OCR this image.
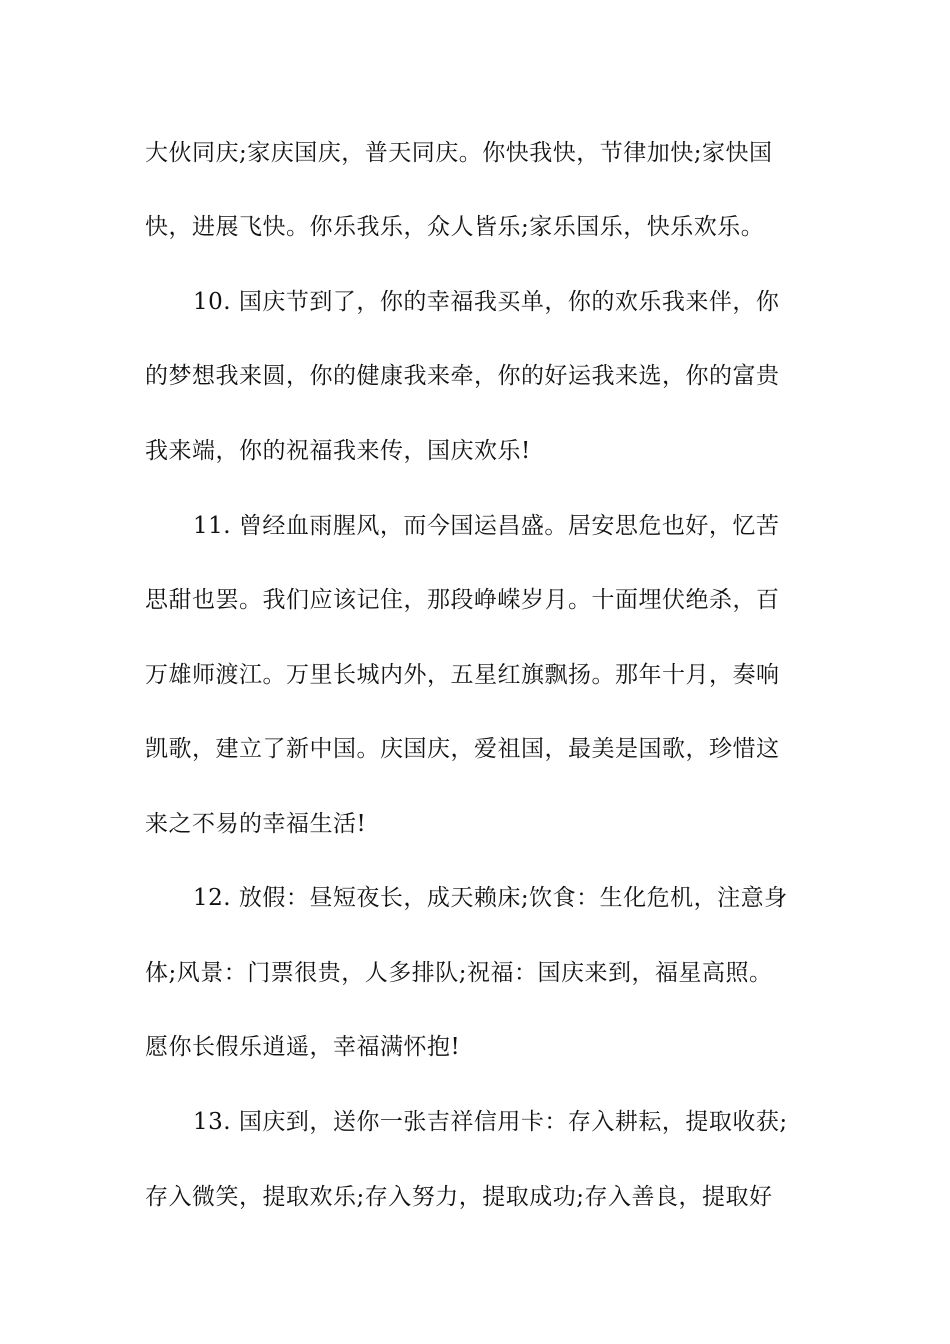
大伙同庆;家庆国庆，普天同庆。你快我快，节律加快;家快国
快，进展飞快。你乐我乐，众人皆乐;家乐国乐，快乐欢乐。
10. 国庆节到了，你的幸福我买单，你的欢乐我来伴，你
的梦想我来圆，你的健康我来牵，你的好运我来选，你的富贵
我来端，你的祝福我来传，国庆欢乐!
11. 曾经血雨腥风，而今国运昌盛。居安思危也好，忆苦
思甜也罢。我们应该记住，那段峥嵘岁月。十面埋伏绝杀，百
万雄师渡江。万里长城内外，五星红旗飘扬。那年十月，奏响
凯歌，建立了新中国。庆国庆，爱祖国，最美是国歌，珍惜这
来之不易的幸福生活!
12. 放假：昼短夜长，成天赖床;饮食：生化危机，注意身
体;风景：门票很贵，人多排队;祝福：国庆来到，福星高照。
愿你长假乐逍遥，幸福满怀抱!
13. 国庆到，送你一张吉祥信用卡：存入耕耘，提取收获;
存入微笑，提取欢乐;存入努力，提取成功;存入善良，提取好
